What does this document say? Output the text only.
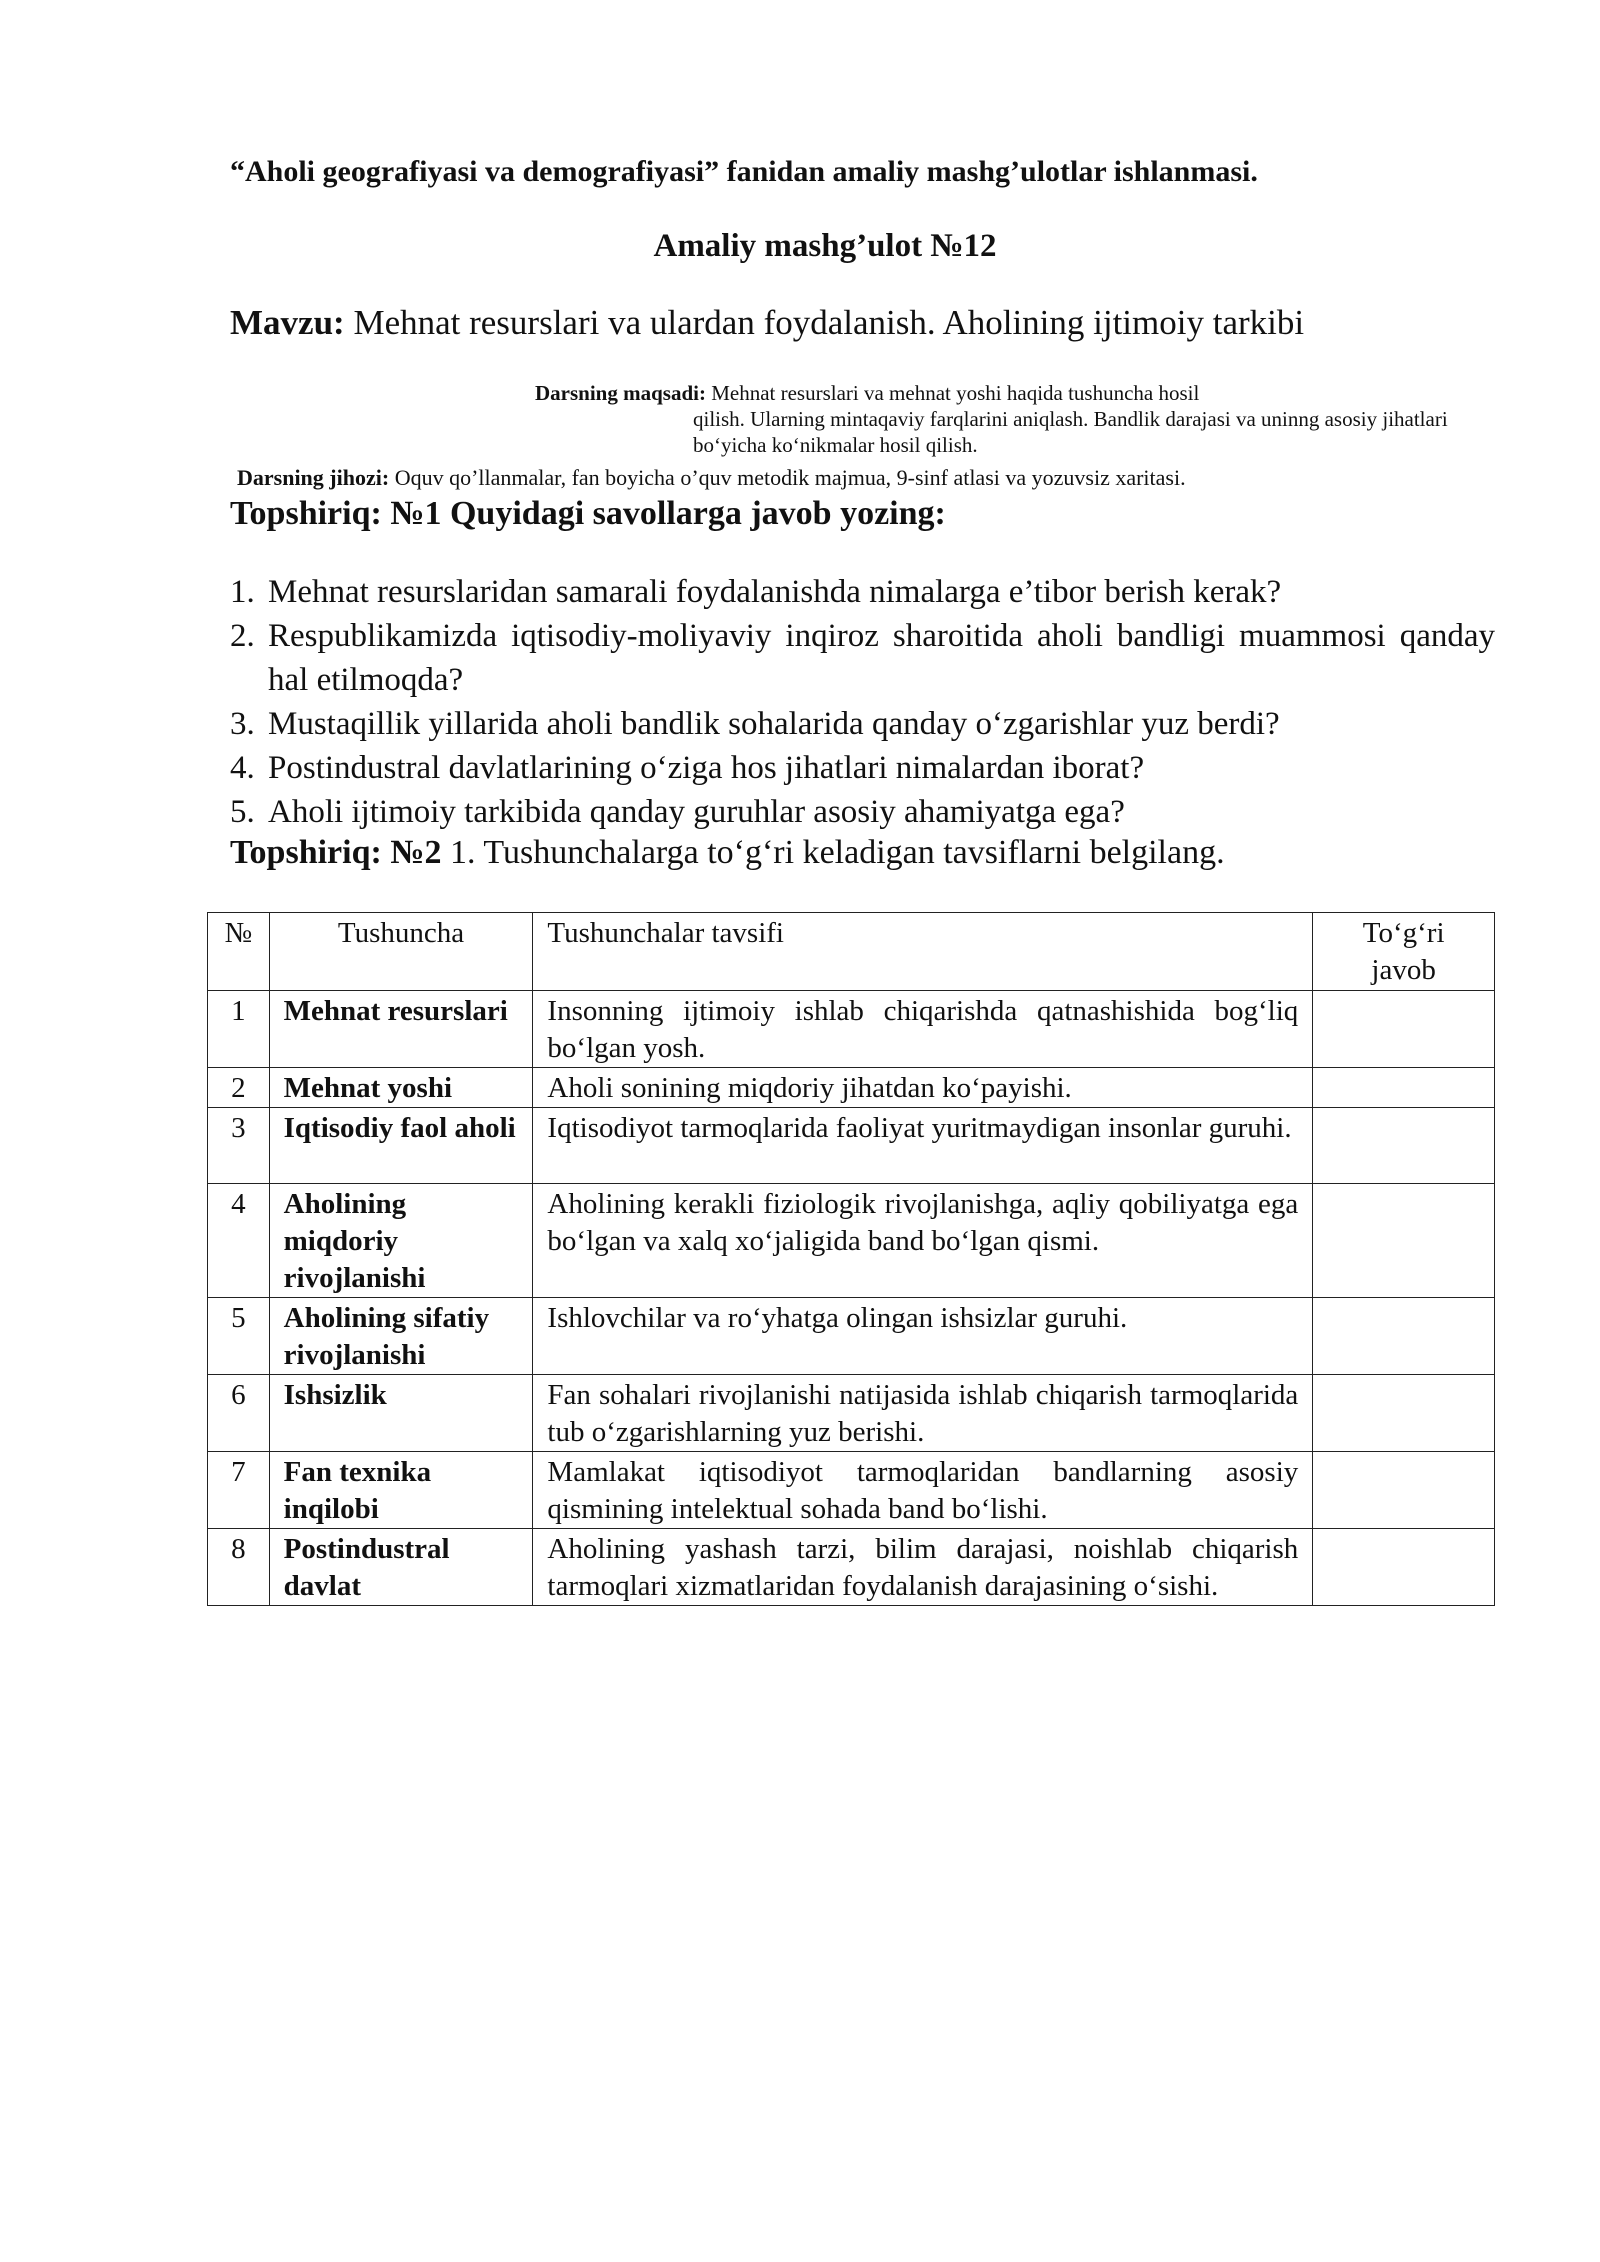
“Aholi geografiyasi va demografiyasi” fanidan amaliy mashg’ulotlar ishlanmasi.
Amaliy mashg’ulot №12
Mavzu: Mehnat resurslari va ulardan foydalanish. Aholining ijtimoiy tarkibi
Darsning maqsadi: Mehnat resurslari va mehnat yoshi haqida tushuncha hosil
qilish. Ularning mintaqaviy farqlarini aniqlash. Bandlik darajasi va uninng asosiy jihatlari bo‘yicha ko‘nikmalar hosil qilish.
Darsning jihozi: Oquv qo’llanmalar, fan boyicha o’quv metodik majmua, 9-sinf atlasi va yozuvsiz xaritasi.
Topshiriq: №1 Quyidagi savollarga javob yozing:
1. Mehnat resurslaridan samarali foydalanishda nimalarga e’tibor berish kerak?
2. Respublikamizda iqtisodiy-moliyaviy inqiroz sharoitida aholi bandligi muammosi qanday hal etilmoqda?
3. Mustaqillik yillarida aholi bandlik sohalarida qanday o‘zgarishlar yuz berdi?
4. Postindustral davlatlarining o‘ziga hos jihatlari nimalardan iborat?
5. Aholi ijtimoiy tarkibida qanday guruhlar asosiy ahamiyatga ega?
Topshiriq: №2 1. Tushunchalarga to‘g‘ri keladigan tavsiflarni belgilang.
№	Tushuncha	Tushunchalar tavsifi	To‘g‘ri javob
1	Mehnat resurslari	Insonning ijtimoiy ishlab chiqarishda qatnashishida bog‘liq bo‘lgan yosh.	
2	Mehnat yoshi	Aholi sonining miqdoriy jihatdan ko‘payishi.	
3	Iqtisodiy faol aholi	Iqtisodiyot tarmoqlarida faoliyat yuritmaydigan insonlar guruhi.	
4	Aholining miqdoriy rivojlanishi	Aholining kerakli fiziologik rivojlanishga, aqliy qobiliyatga ega bo‘lgan va xalq xo‘jaligida band bo‘lgan qismi.	
5	Aholining sifatiy rivojlanishi	Ishlovchilar va ro‘yhatga olingan ishsizlar guruhi.	
6	Ishsizlik	Fan sohalari rivojlanishi natijasida ishlab chiqarish tarmoqlarida tub o‘zgarishlarning yuz berishi.	
7	Fan texnika inqilobi	Mamlakat iqtisodiyot tarmoqlaridan bandlarning asosiy qismining intelektual sohada band bo‘lishi.	
8	Postindustral davlat	Aholining yashash tarzi, bilim darajasi, noishlab chiqarish tarmoqlari xizmatlaridan foydalanish darajasining o‘sishi.	
